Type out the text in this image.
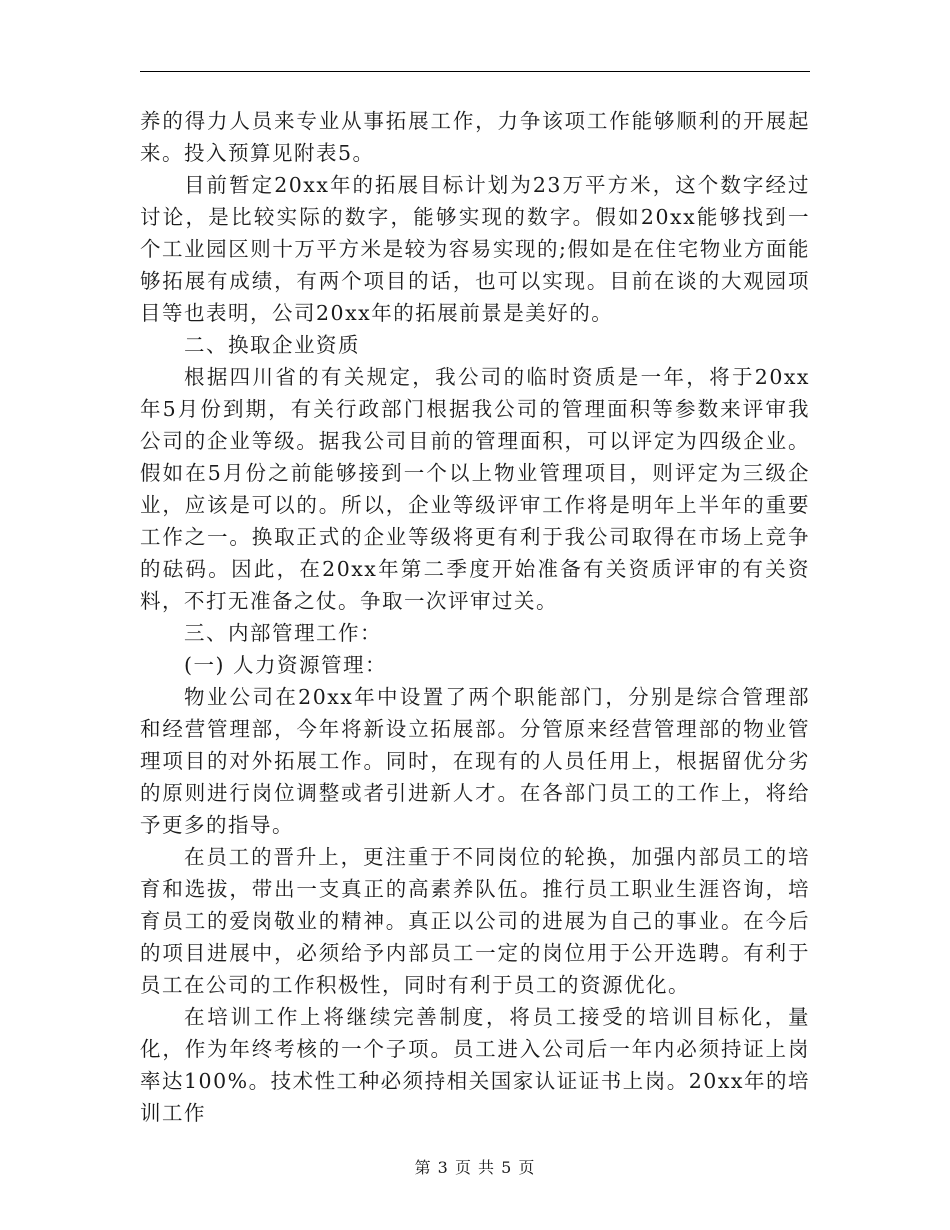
养的得力人员来专业从事拓展工作，力争该项工作能够顺利的开展起来。投入预算见附表5。

目前暂定20xx年的拓展目标计划为23万平方米，这个数字经过讨论，是比较实际的数字，能够实现的数字。假如20xx能够找到一个工业园区则十万平方米是较为容易实现的;假如是在住宅物业方面能够拓展有成绩，有两个项目的话，也可以实现。目前在谈的大观园项目等也表明，公司20xx年的拓展前景是美好的。

二、换取企业资质

根据四川省的有关规定，我公司的临时资质是一年，将于20xx年5月份到期，有关行政部门根据我公司的管理面积等参数来评审我公司的企业等级。据我公司目前的管理面积，可以评定为四级企业。假如在5月份之前能够接到一个以上物业管理项目，则评定为三级企业，应该是可以的。所以，企业等级评审工作将是明年上半年的重要工作之一。换取正式的企业等级将更有利于我公司取得在市场上竞争的砝码。因此，在20xx年第二季度开始准备有关资质评审的有关资料，不打无准备之仗。争取一次评审过关。

三、内部管理工作：

(一) 人力资源管理：

物业公司在20xx年中设置了两个职能部门，分别是综合管理部和经营管理部，今年将新设立拓展部。分管原来经营管理部的物业管理项目的对外拓展工作。同时，在现有的人员任用上，根据留优分劣的原则进行岗位调整或者引进新人才。在各部门员工的工作上，将给予更多的指导。

在员工的晋升上，更注重于不同岗位的轮换，加强内部员工的培育和选拔，带出一支真正的高素养队伍。推行员工职业生涯咨询，培育员工的爱岗敬业的精神。真正以公司的进展为自己的事业。在今后的项目进展中，必须给予内部员工一定的岗位用于公开选聘。有利于员工在公司的工作积极性，同时有利于员工的资源优化。

在培训工作上将继续完善制度，将员工接受的培训目标化，量化，作为年终考核的一个子项。员工进入公司后一年内必须持证上岗率达100%。技术性工种必须持相关国家认证证书上岗。20xx年的培训工作

第 3 页 共 5 页
